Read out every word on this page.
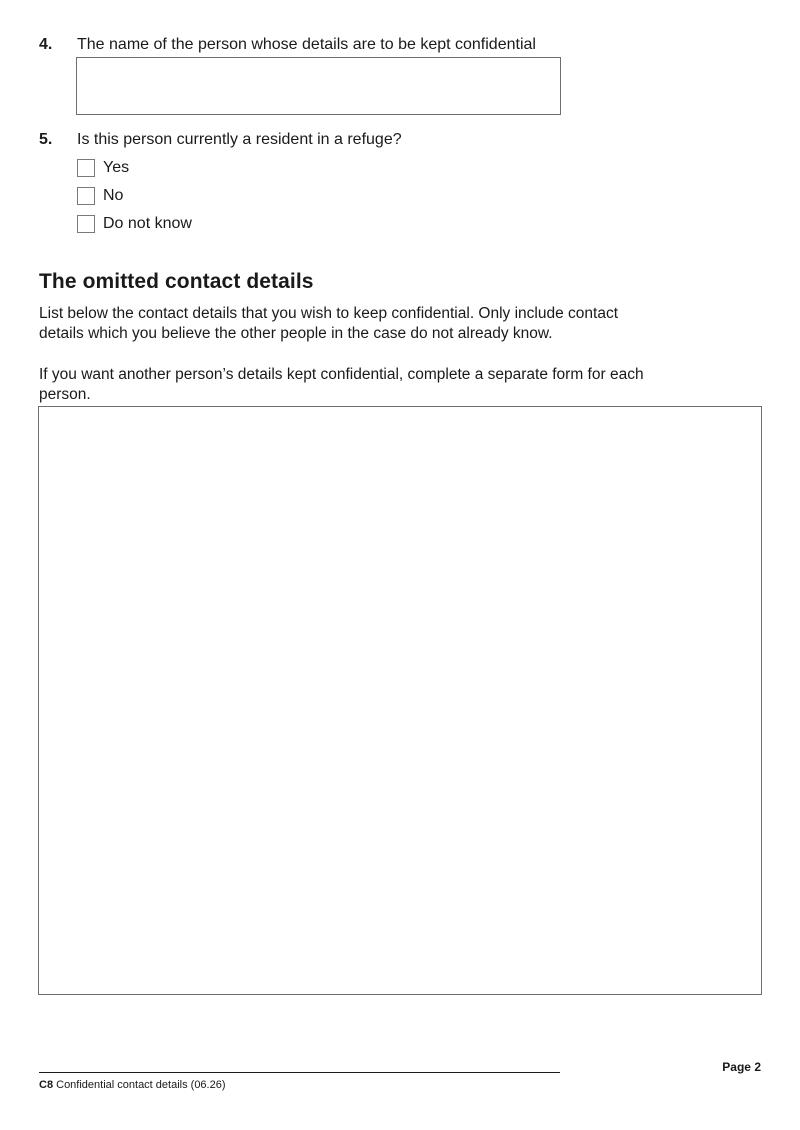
4. The name of the person whose details are to be kept confidential
5. Is this person currently a resident in a refuge?
Yes
No
Do not know
The omitted contact details

List below the contact details that you wish to keep confidential. Only include contact details which you believe the other people in the case do not already know.

If you want another person’s details kept confidential, complete a separate form for each person.

Page 2
C8 Confidential contact details (06.26)
